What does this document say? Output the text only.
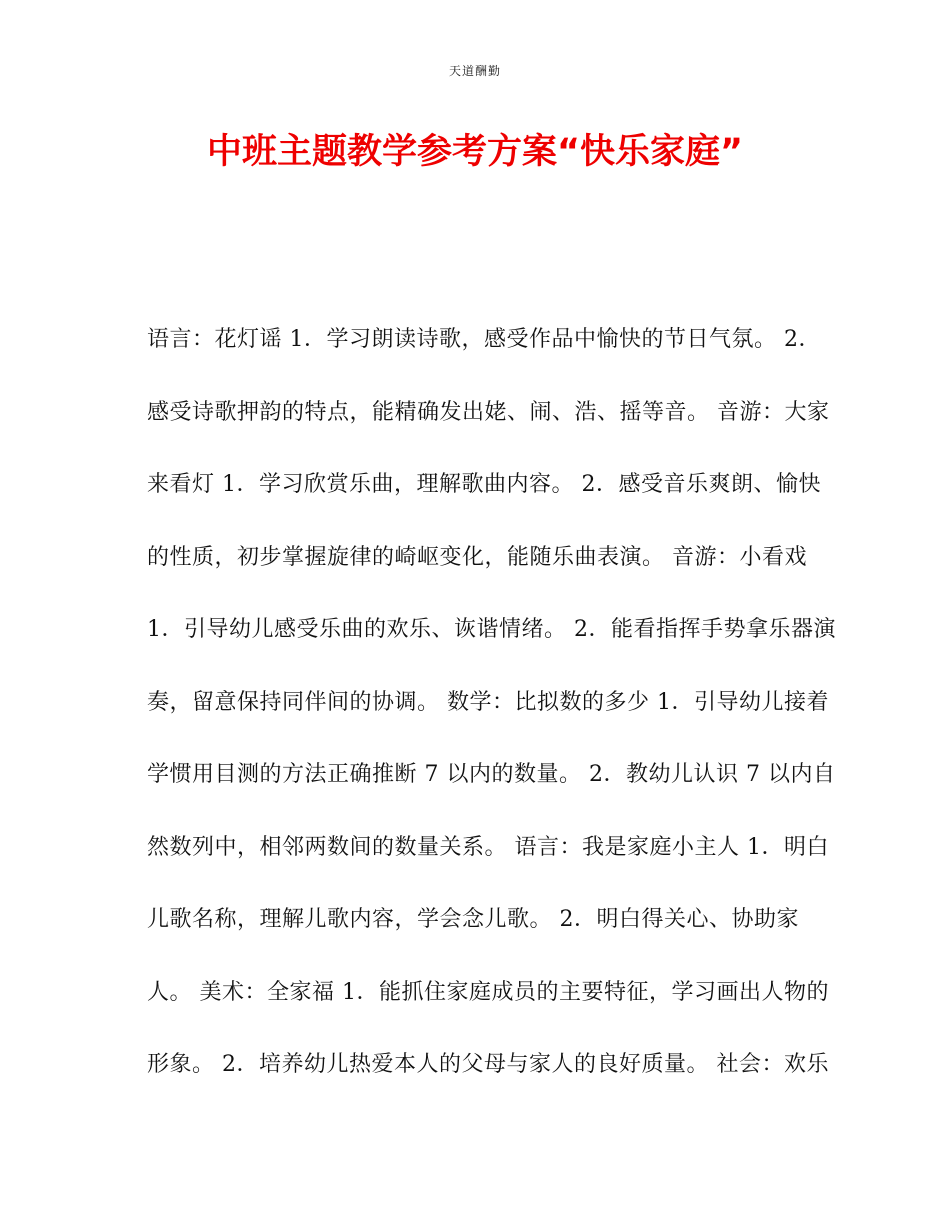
天道酬勤
中班主题教学参考方案“快乐家庭”
语言：花灯谣 1．学习朗读诗歌，感受作品中愉快的节日气氛。 2．
感受诗歌押韵的特点，能精确发出姥、闹、浩、摇等音。 音游：大家
来看灯 1．学习欣赏乐曲，理解歌曲内容。 2．感受音乐爽朗、愉快
的性质，初步掌握旋律的崎岖变化，能随乐曲表演。 音游：小看戏
1．引导幼儿感受乐曲的欢乐、诙谐情绪。 2．能看指挥手势拿乐器演
奏，留意保持同伴间的协调。 数学：比拟数的多少 1．引导幼儿接着
学惯用目测的方法正确推断 7 以内的数量。 2．教幼儿认识 7 以内自
然数列中，相邻两数间的数量关系。 语言：我是家庭小主人 1．明白
儿歌名称，理解儿歌内容，学会念儿歌。 2．明白得关心、协助家
人。 美术：全家福 1．能抓住家庭成员的主要特征，学习画出人物的
形象。 2．培养幼儿热爱本人的父母与家人的良好质量。 社会：欢乐
